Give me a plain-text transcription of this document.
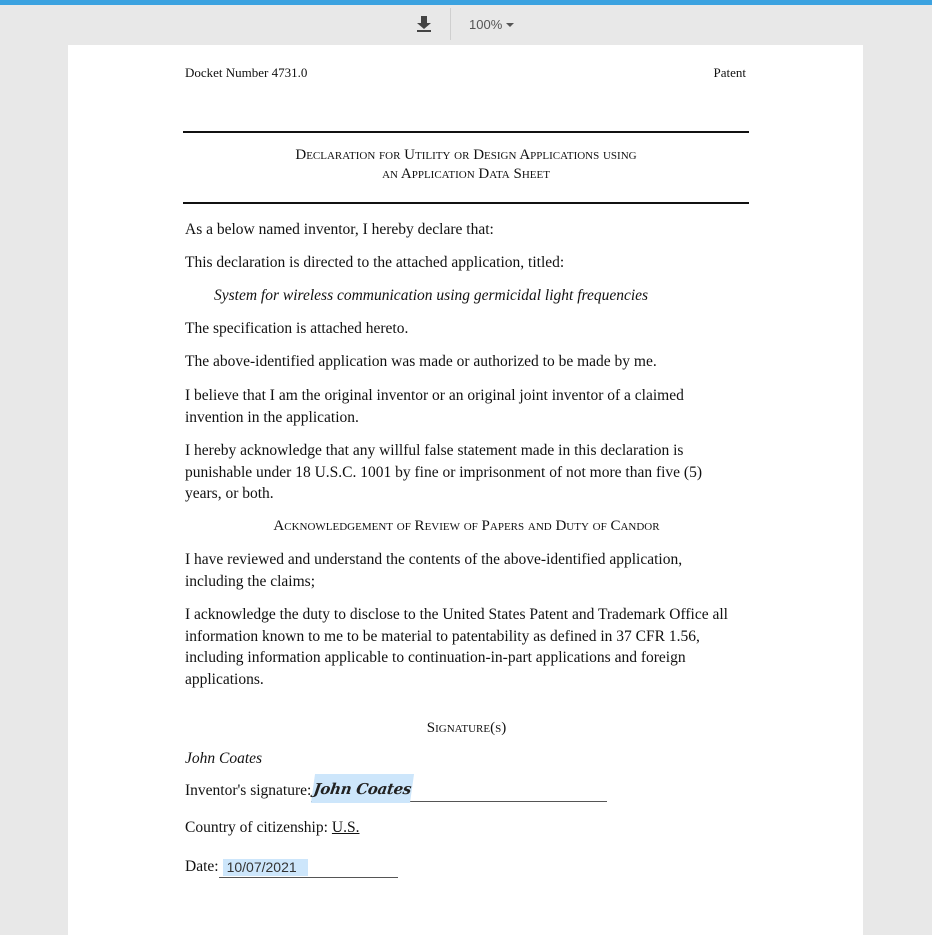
100%
Docket Number 4731.0	Patent
Declaration for Utility or Design Applications using
an Application Data Sheet
As a below named inventor, I hereby declare that:
This declaration is directed to the attached application, titled:
System for wireless communication using germicidal light frequencies
The specification is attached hereto.
The above-identified application was made or authorized to be made by me.
I believe that I am the original inventor or an original joint inventor of a claimed invention in the application.
I hereby acknowledge that any willful false statement made in this declaration is punishable under 18 U.S.C. 1001 by fine or imprisonment of not more than five (5) years, or both.
Acknowledgement of Review of Papers and Duty of Candor
I have reviewed and understand the contents of the above-identified application, including the claims;
I acknowledge the duty to disclose to the United States Patent and Trademark Office all information known to me to be material to patentability as defined in 37 CFR 1.56, including information applicable to continuation-in-part applications and foreign applications.
Signature(s)
John Coates
Inventor's signature: John Coates
Country of citizenship: U.S.
Date: 10/07/2021
